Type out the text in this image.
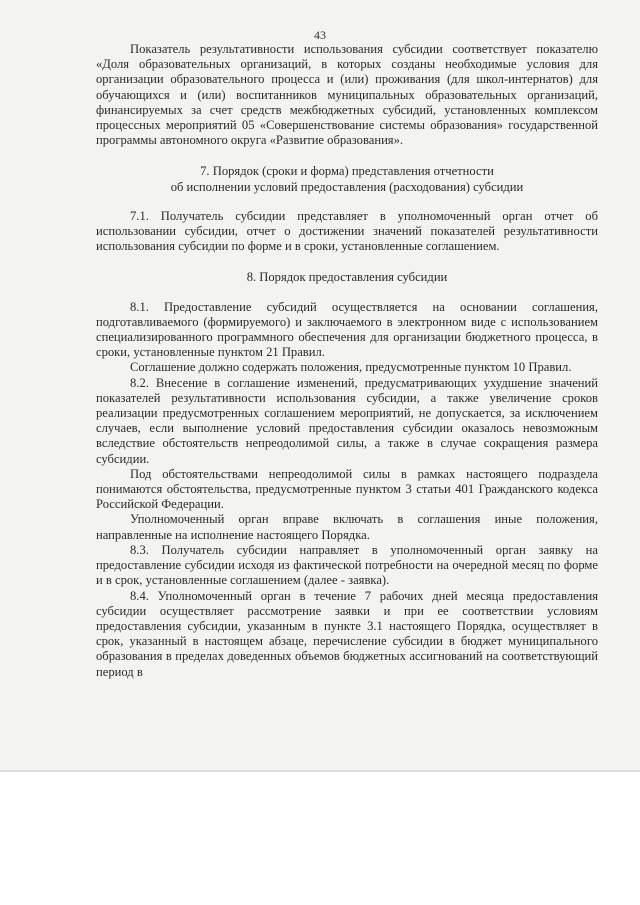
43

Показатель результативности использования субсидии соответствует показателю «Доля образовательных организаций, в которых созданы необходимые условия для организации образовательного процесса и (или) проживания (для школ-интернатов) для обучающихся и (или) воспитанников муниципальных образовательных организаций, финансируемых за счет средств межбюджетных субсидий, установленных комплексом процессных мероприятий 05 «Совершенствование системы образования» государственной программы автономного округа «Развитие образования».

7. Порядок (сроки и форма) представления отчетности
об исполнении условий предоставления (расходования) субсидии

7.1. Получатель субсидии представляет в уполномоченный орган отчет об использовании субсидии, отчет о достижении значений показателей результативности использования субсидии по форме и в сроки, установленные соглашением.

8. Порядок предоставления субсидии

8.1. Предоставление субсидий осуществляется на основании соглашения, подготавливаемого (формируемого) и заключаемого в электронном виде с использованием специализированного программного обеспечения для организации бюджетного процесса, в сроки, установленные пунктом 21 Правил.

Соглашение должно содержать положения, предусмотренные пунктом 10 Правил.

8.2. Внесение в соглашение изменений, предусматривающих ухудшение значений показателей результативности использования субсидии, а также увеличение сроков реализации предусмотренных соглашением мероприятий, не допускается, за исключением случаев, если выполнение условий предоставления субсидии оказалось невозможным вследствие обстоятельств непреодолимой силы, а также в случае сокращения размера субсидии.

Под обстоятельствами непреодолимой силы в рамках настоящего подраздела понимаются обстоятельства, предусмотренные пунктом 3 статьи 401 Гражданского кодекса Российской Федерации.

Уполномоченный орган вправе включать в соглашения иные положения, направленные на исполнение настоящего Порядка.

8.3. Получатель субсидии направляет в уполномоченный орган заявку на предоставление субсидии исходя из фактической потребности на очередной месяц по форме и в срок, установленные соглашением (далее - заявка).

8.4. Уполномоченный орган в течение 7 рабочих дней месяца предоставления субсидии осуществляет рассмотрение заявки и при ее соответствии условиям предоставления субсидии, указанным в пункте 3.1 настоящего Порядка, осуществляет в срок, указанный в настоящем абзаце, перечисление субсидии в бюджет муниципального образования в пределах доведенных объемов бюджетных ассигнований на соответствующий период в
